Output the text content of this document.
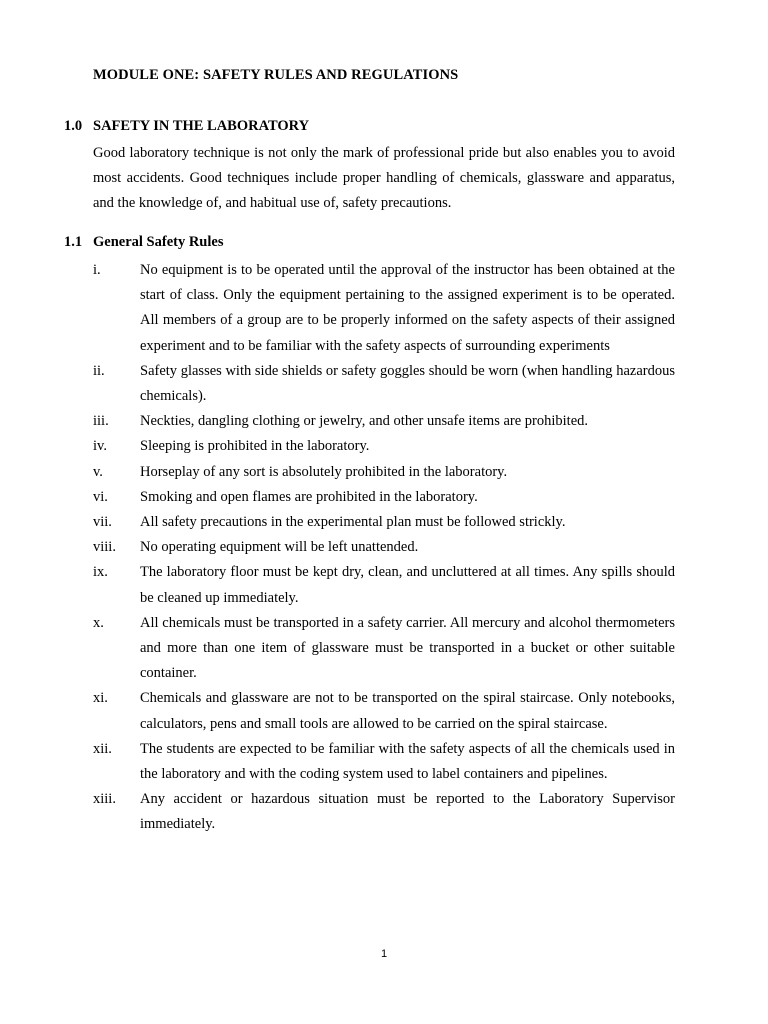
MODULE ONE: SAFETY RULES AND REGULATIONS
1.0 SAFETY IN THE LABORATORY
Good laboratory technique is not only the mark of professional pride but also enables you to avoid most accidents. Good techniques include proper handling of chemicals, glassware and apparatus, and the knowledge of, and habitual use of, safety precautions.
1.1 General Safety Rules
i.	No equipment is to be operated until the approval of the instructor has been obtained at the start of class. Only the equipment pertaining to the assigned experiment is to be operated. All members of a group are to be properly informed on the safety aspects of their assigned experiment and to be familiar with the safety aspects of surrounding experiments
ii.	Safety glasses with side shields or safety goggles should be worn (when handling hazardous chemicals).
iii.	Neckties, dangling clothing or jewelry, and other unsafe items are prohibited.
iv.	Sleeping is prohibited in the laboratory.
v.	Horseplay of any sort is absolutely prohibited in the laboratory.
vi.	Smoking and open flames are prohibited in the laboratory.
vii.	All safety precautions in the experimental plan must be followed strickly.
viii.	No operating equipment will be left unattended.
ix.	The laboratory floor must be kept dry, clean, and uncluttered at all times. Any spills should be cleaned up immediately.
x.	All chemicals must be transported in a safety carrier. All mercury and alcohol thermometers and more than one item of glassware must be transported in a bucket or other suitable container.
xi.	Chemicals and glassware are not to be transported on the spiral staircase. Only notebooks, calculators, pens and small tools are allowed to be carried on the spiral staircase.
xii.	The students are expected to be familiar with the safety aspects of all the chemicals used in the laboratory and with the coding system used to label containers and pipelines.
xiii.	Any accident or hazardous situation must be reported to the Laboratory Supervisor immediately.
1
